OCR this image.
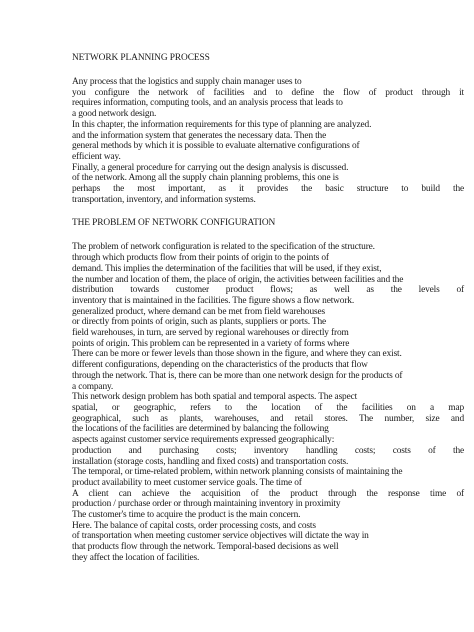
NETWORK PLANNING PROCESS
Any process that the logistics and supply chain manager uses to
you configure the network of facilities and to define the flow of product through it
requires information, computing tools, and an analysis process that leads to
a good network design.
In this chapter, the information requirements for this type of planning are analyzed.
and the information system that generates the necessary data. Then the
general methods by which it is possible to evaluate alternative configurations of
efficient way.
Finally, a general procedure for carrying out the design analysis is discussed.
of the network. Among all the supply chain planning problems, this one is
perhaps the most important, as it provides the basic structure to build the
transportation, inventory, and information systems.
THE PROBLEM OF NETWORK CONFIGURATION
The problem of network configuration is related to the specification of the structure.
through which products flow from their points of origin to the points of
demand. This implies the determination of the facilities that will be used, if they exist,
the number and location of them, the place of origin, the activities between facilities and the
distribution towards customer product flows; as well as the levels of
inventory that is maintained in the facilities. The figure shows a flow network.
generalized product, where demand can be met from field warehouses
or directly from points of origin, such as plants, suppliers or ports. The
field warehouses, in turn, are served by regional warehouses or directly from
points of origin. This problem can be represented in a variety of forms where
There can be more or fewer levels than those shown in the figure, and where they can exist.
different configurations, depending on the characteristics of the products that flow
through the network. That is, there can be more than one network design for the products of
a company.
This network design problem has both spatial and temporal aspects. The aspect
spatial, or geographic, refers to the location of the facilities on a map
geographical, such as plants, warehouses, and retail stores. The number, size and
the locations of the facilities are determined by balancing the following
aspects against customer service requirements expressed geographically:
production and purchasing costs; inventory handling costs; costs of the
installation (storage costs, handling and fixed costs) and transportation costs.
The temporal, or time-related problem, within network planning consists of maintaining the
product availability to meet customer service goals. The time of
A client can achieve the acquisition of the product through the response time of
production / purchase order or through maintaining inventory in proximity
The customer's time to acquire the product is the main concern.
Here. The balance of capital costs, order processing costs, and costs
of transportation when meeting customer service objectives will dictate the way in
that products flow through the network. Temporal-based decisions as well
they affect the location of facilities.
